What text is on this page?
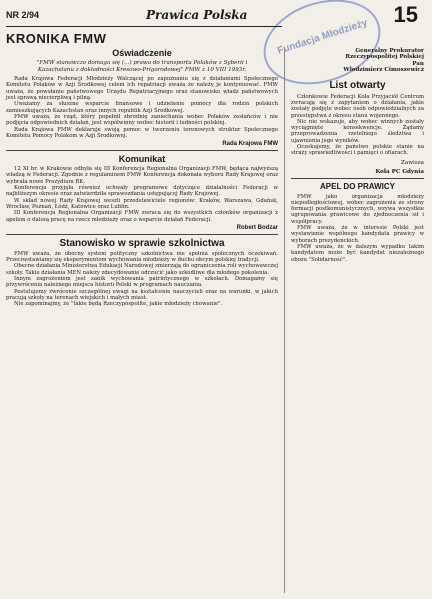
NR 2/94	Prawica Polska	15
Fundacja Młodzieży
KRONIKA FMW
Oświadczenie
"FMW stanowczo domaga się (...) prawa do transportu Polaków z Syberii i Kazachstanu z dokładności Kresowo-Prigorodowej" FMW z 10 VIII 1993r.

Rada Krajowa Federacji Młodzieży Walczącej po zapoznaniu się z działaniami Społecznego Komitetu Polaków w Azji Środkowej celem ich repatriacji uważa że należy je kontynuować. FMW uważa, że powołanie państwowego Urzędu Repatriacyjnego oraz stanowisko władz państwowych jest sprawą niecierpliwą i pilną.

Uważamy za słuszne wsparcie finansowe i udzielenie pomocy dla rodzin polskich zamieszkujących Kazachstan oraz innych republik Azji Środkowej.

FMW uważa, że rząd, który popełnił zbrodnię zaniechania wobec Polaków zesłańców i nie podjęcia odpowiednich działań, jest współwinny wobec historii i ludności polskiej.

Rada Krajowa FMW deklaruje swoją pomoc w tworzeniu terenowych struktur Społecznego Komitetu Pomocy Polakom w Azji Środkowej.

Rada Krajowa FMW
Komunikat

12 XI br. w Krakowie odbyła się III Konferencja Regionalna Organizacji FMW, będąca najwyższą władzą w Federacji. Zgodnie z regulaminem FMW Konferencja dokonała wyboru Rady Krajowej oraz wybrała nowe Prezydium RK.

Konferencja przyjęła również uchwały programowe dotyczące działalności Federacji w najbliższym okresie oraz zatwierdziła sprawozdania ustępującej Rady Krajowej.

W skład nowej Rady Krajowej weszli przedstawiciele regionów: Kraków, Warszawa, Gdańsk, Wrocław, Poznań, Łódź, Katowice oraz Lublin.

III Konferencja Regionalna Organizacji FMW zwraca się do wszystkich członków organizacji z apelem o dalszą pracę na rzecz młodzieży oraz o wsparcie działań Federacji.

Robert Bodzar
Stanowisko w sprawie szkolnictwa

FMW uważa, że obecny system polityczny szkolnictwa nie spełnia społecznych oczekiwań. Przeciwstawiamy się eksperymentom wychowania młodzieży w duchu obcym polskiej tradycji.

Obecne działania Ministerstwa Edukacji Narodowej zmierzają do ograniczenia roli wychowawczej szkoły. Takie działania MEN należy zdecydowanie odrzucić jako szkodliwe dla młodego pokolenia.

Innym zagrożeniem jest zanik wychowania patriotycznego w szkołach. Domagamy się przywrócenia należnego miejsca historii Polski w programach nauczania.

Postulujemy zwrócenie szczególnej uwagi na kształcenie nauczycieli oraz na warunki, w jakich pracują szkoły na terenach wiejskich i małych miast.

Nie zapominajmy, że "takie będą Rzeczypospolite, jakie młodzieży chowanie".

Generalny Prokurator
Rzeczypospolitej Polskiej
Pan
Włodzimierz Cimoszewicz
List otwarty

Członkowie Federacji Koła Przyjaciół Centrum zwracają się z zapytaniem o działania, jakie zostały podjęte wobec osób odpowiedzialnych za przestępstwa z okresu stanu wojennego.

Nic nie wskazuje, aby wobec winnych zostały wyciągnięte konsekwencje. Żądamy przeprowadzenia rzetelnego śledztwa i ujawnienia jego wyników.

Oczekujemy, że państwo polskie stanie na straży sprawiedliwości i pamięci o ofiarach.

Zawisza
Koła PC Gdynia
APEL DO PRAWICY

FMW jako organizacja młodzieży niepodległościowej, wobec zagrożenia ze strony formacji postkomunistycznych, wzywa wszystkie ugrupowania prawicowe do zjednoczenia sił i współpracy.

FMW uważa, że w interesie Polski jest wystawienie wspólnego kandydata prawicy w wyborach prezydenckich.

FMW uważa, że w dalszym wypadku takim kandydatem może być kandydat niezależnego obozu "Solidarność".
